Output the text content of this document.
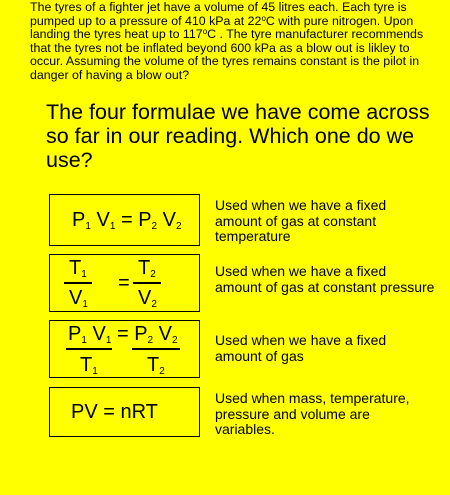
The tyres of a fighter jet have a volume of 45 litres each. Each tyre is pumped up to a pressure of 410 kPa at 22$^o$C with pure nitrogen. Upon landing the tyres heat up to 117$^o$C . The tyre manufacturer recommends that the tyres not be inflated beyond 600 kPa as a blow out is likley to occur. Assuming the volume of the tyres remains constant is the pilot in danger of having a blow out?
The four formulae we have come across so far in our reading. Which one do we use?
$P_1$ $V_1 = P_2$ $V_2$
Used when we have a fixed amount of gas at constant temperature
$T_1$
$V_1$
=
$T_2$
$V_2$
Used when we have a fixed amount of gas at constant pressure
$P_1$ $V_1 = P_2$ $V_2$
$T_1$ $T_2$
Used when we have a fixed amount of gas
PV = nRT
Used when mass, temperature, pressure and volume are variables.
